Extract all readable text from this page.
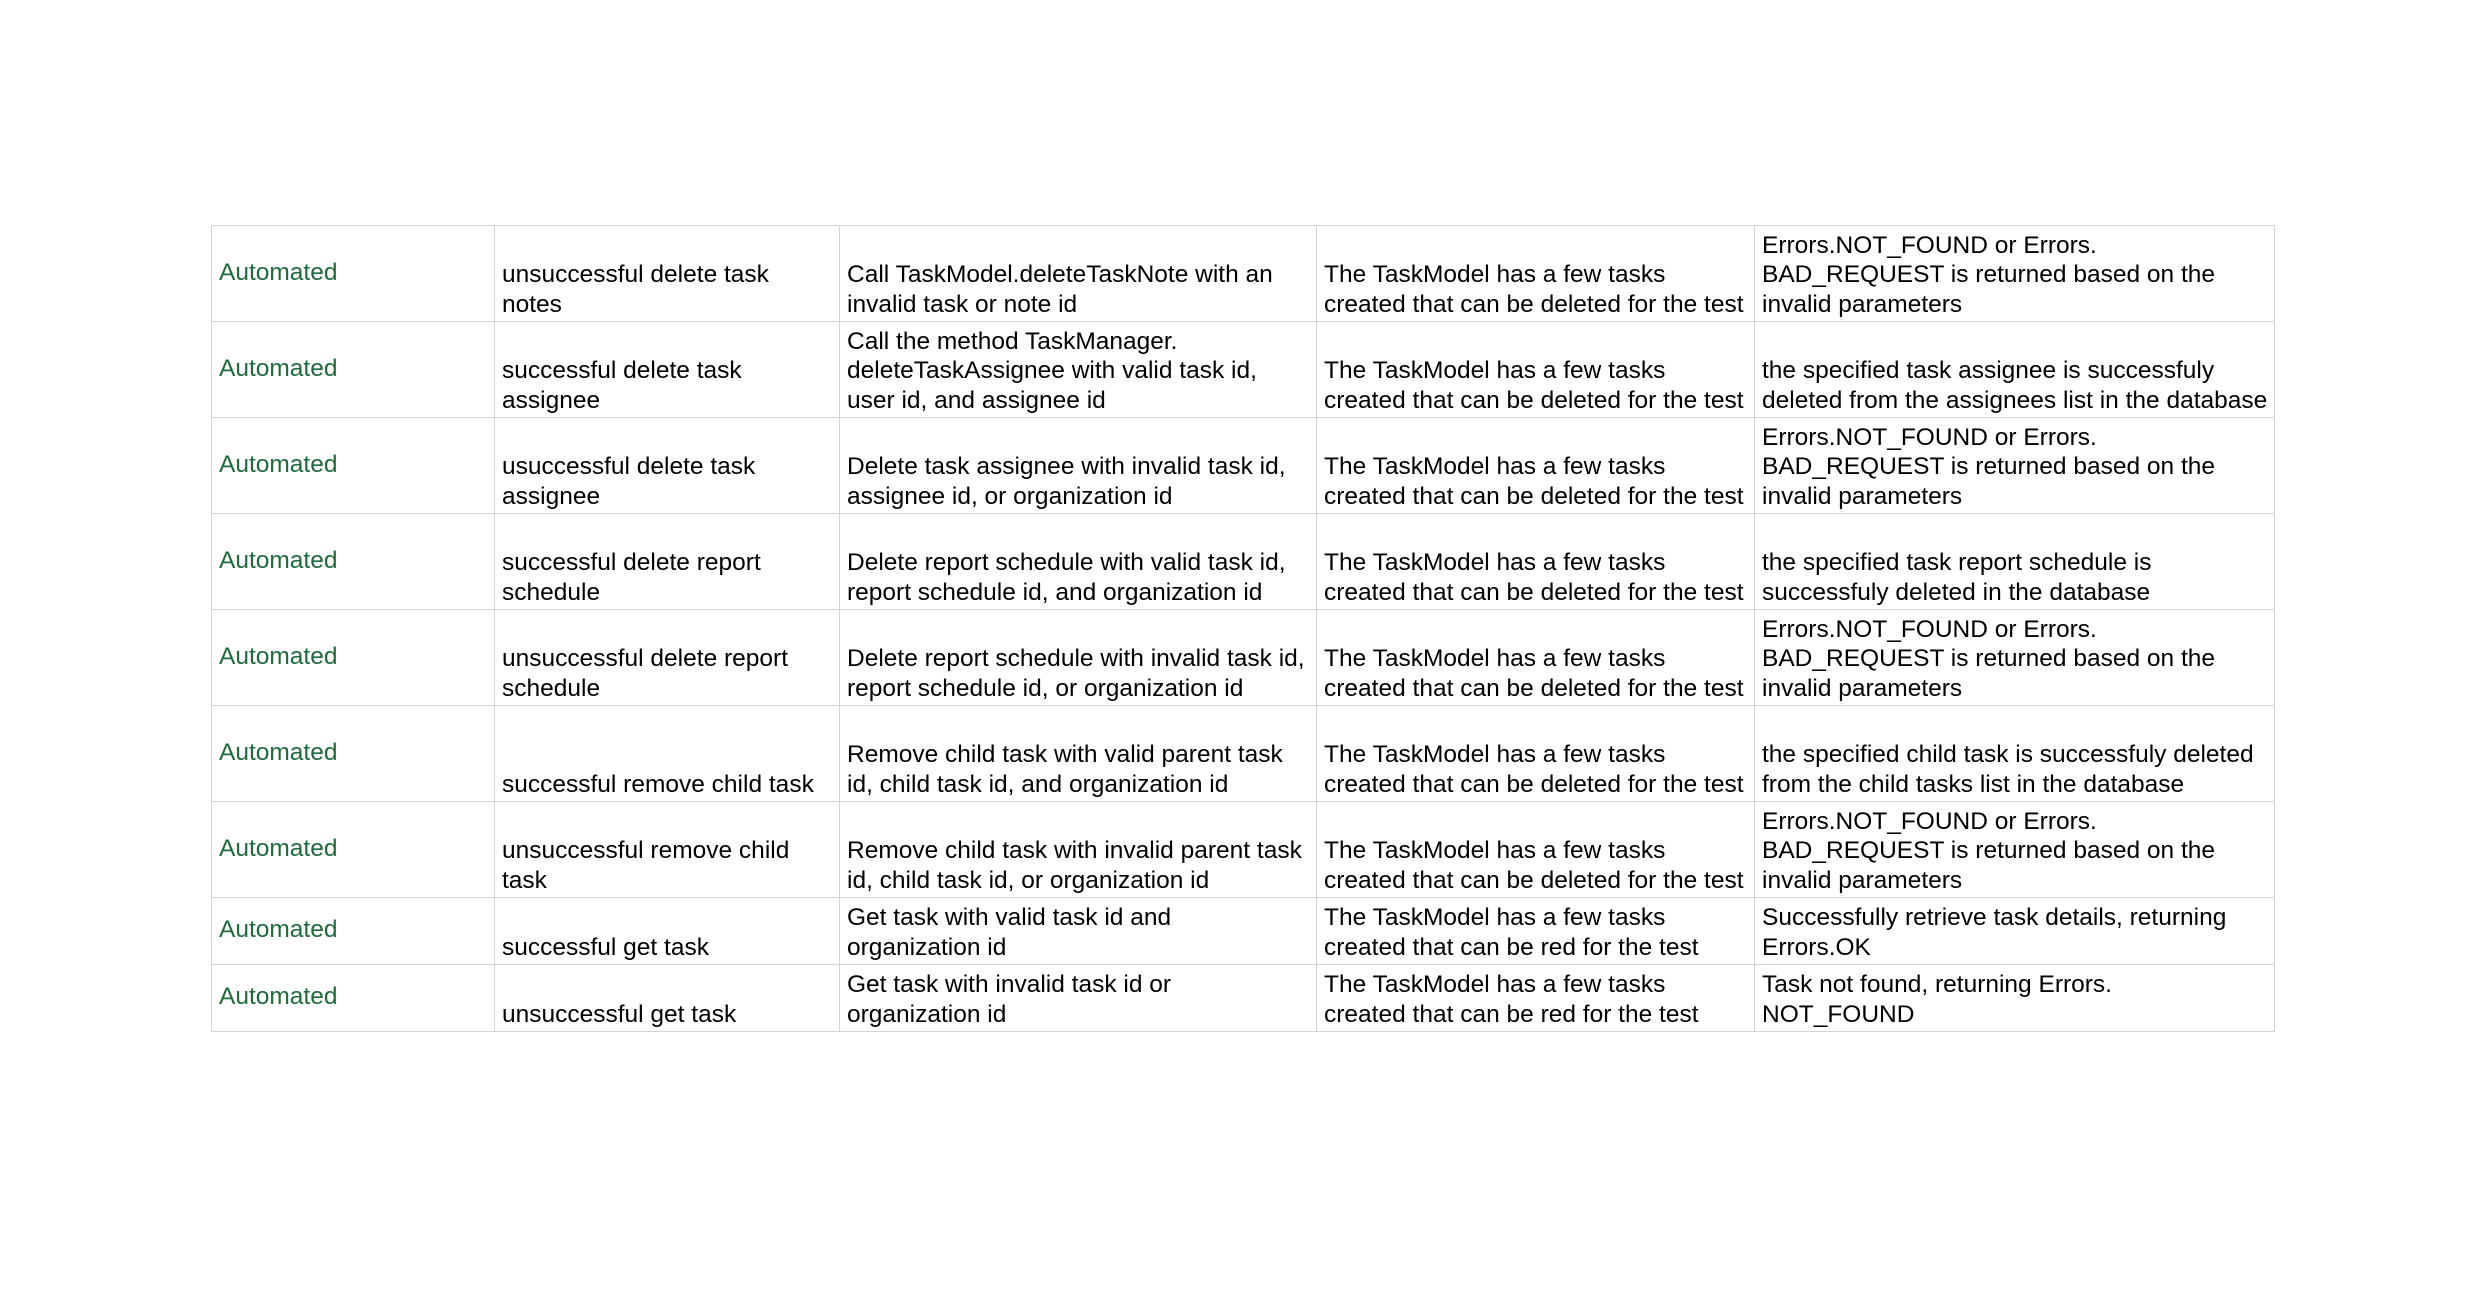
Automated	unsuccessful delete task notes	Call TaskModel.deleteTaskNote with an invalid task or note id	The TaskModel has a few tasks created that can be deleted for the test	Errors.NOT_FOUND or Errors. BAD_REQUEST is returned based on the invalid parameters
Automated	successful delete task assignee	Call the method TaskManager. deleteTaskAssignee with valid task id, user id, and assignee id	The TaskModel has a few tasks created that can be deleted for the test	the specified task assignee is successfuly deleted from the assignees list in the database
Automated	usuccessful delete task assignee	Delete task assignee with invalid task id, assignee id, or organization id	The TaskModel has a few tasks created that can be deleted for the test	Errors.NOT_FOUND or Errors. BAD_REQUEST is returned based on the invalid parameters
Automated	successful delete report schedule	Delete report schedule with valid task id, report schedule id, and organization id	The TaskModel has a few tasks created that can be deleted for the test	the specified task report schedule is successfuly deleted in the database
Automated	unsuccessful delete report schedule	Delete report schedule with invalid task id, report schedule id, or organization id	The TaskModel has a few tasks created that can be deleted for the test	Errors.NOT_FOUND or Errors. BAD_REQUEST is returned based on the invalid parameters
Automated	successful remove child task	Remove child task with valid parent task id, child task id, and organization id	The TaskModel has a few tasks created that can be deleted for the test	the specified child task is successfuly deleted from the child tasks list in the database
Automated	unsuccessful remove child task	Remove child task with invalid parent task id, child task id, or organization id	The TaskModel has a few tasks created that can be deleted for the test	Errors.NOT_FOUND or Errors. BAD_REQUEST is returned based on the invalid parameters
Automated	successful get task	Get task with valid task id and organization id	The TaskModel has a few tasks created that can be red for the test	Successfully retrieve task details, returning Errors.OK
Automated	unsuccessful get task	Get task with invalid task id or organization id	The TaskModel has a few tasks created that can be red for the test	Task not found, returning Errors. NOT_FOUND
